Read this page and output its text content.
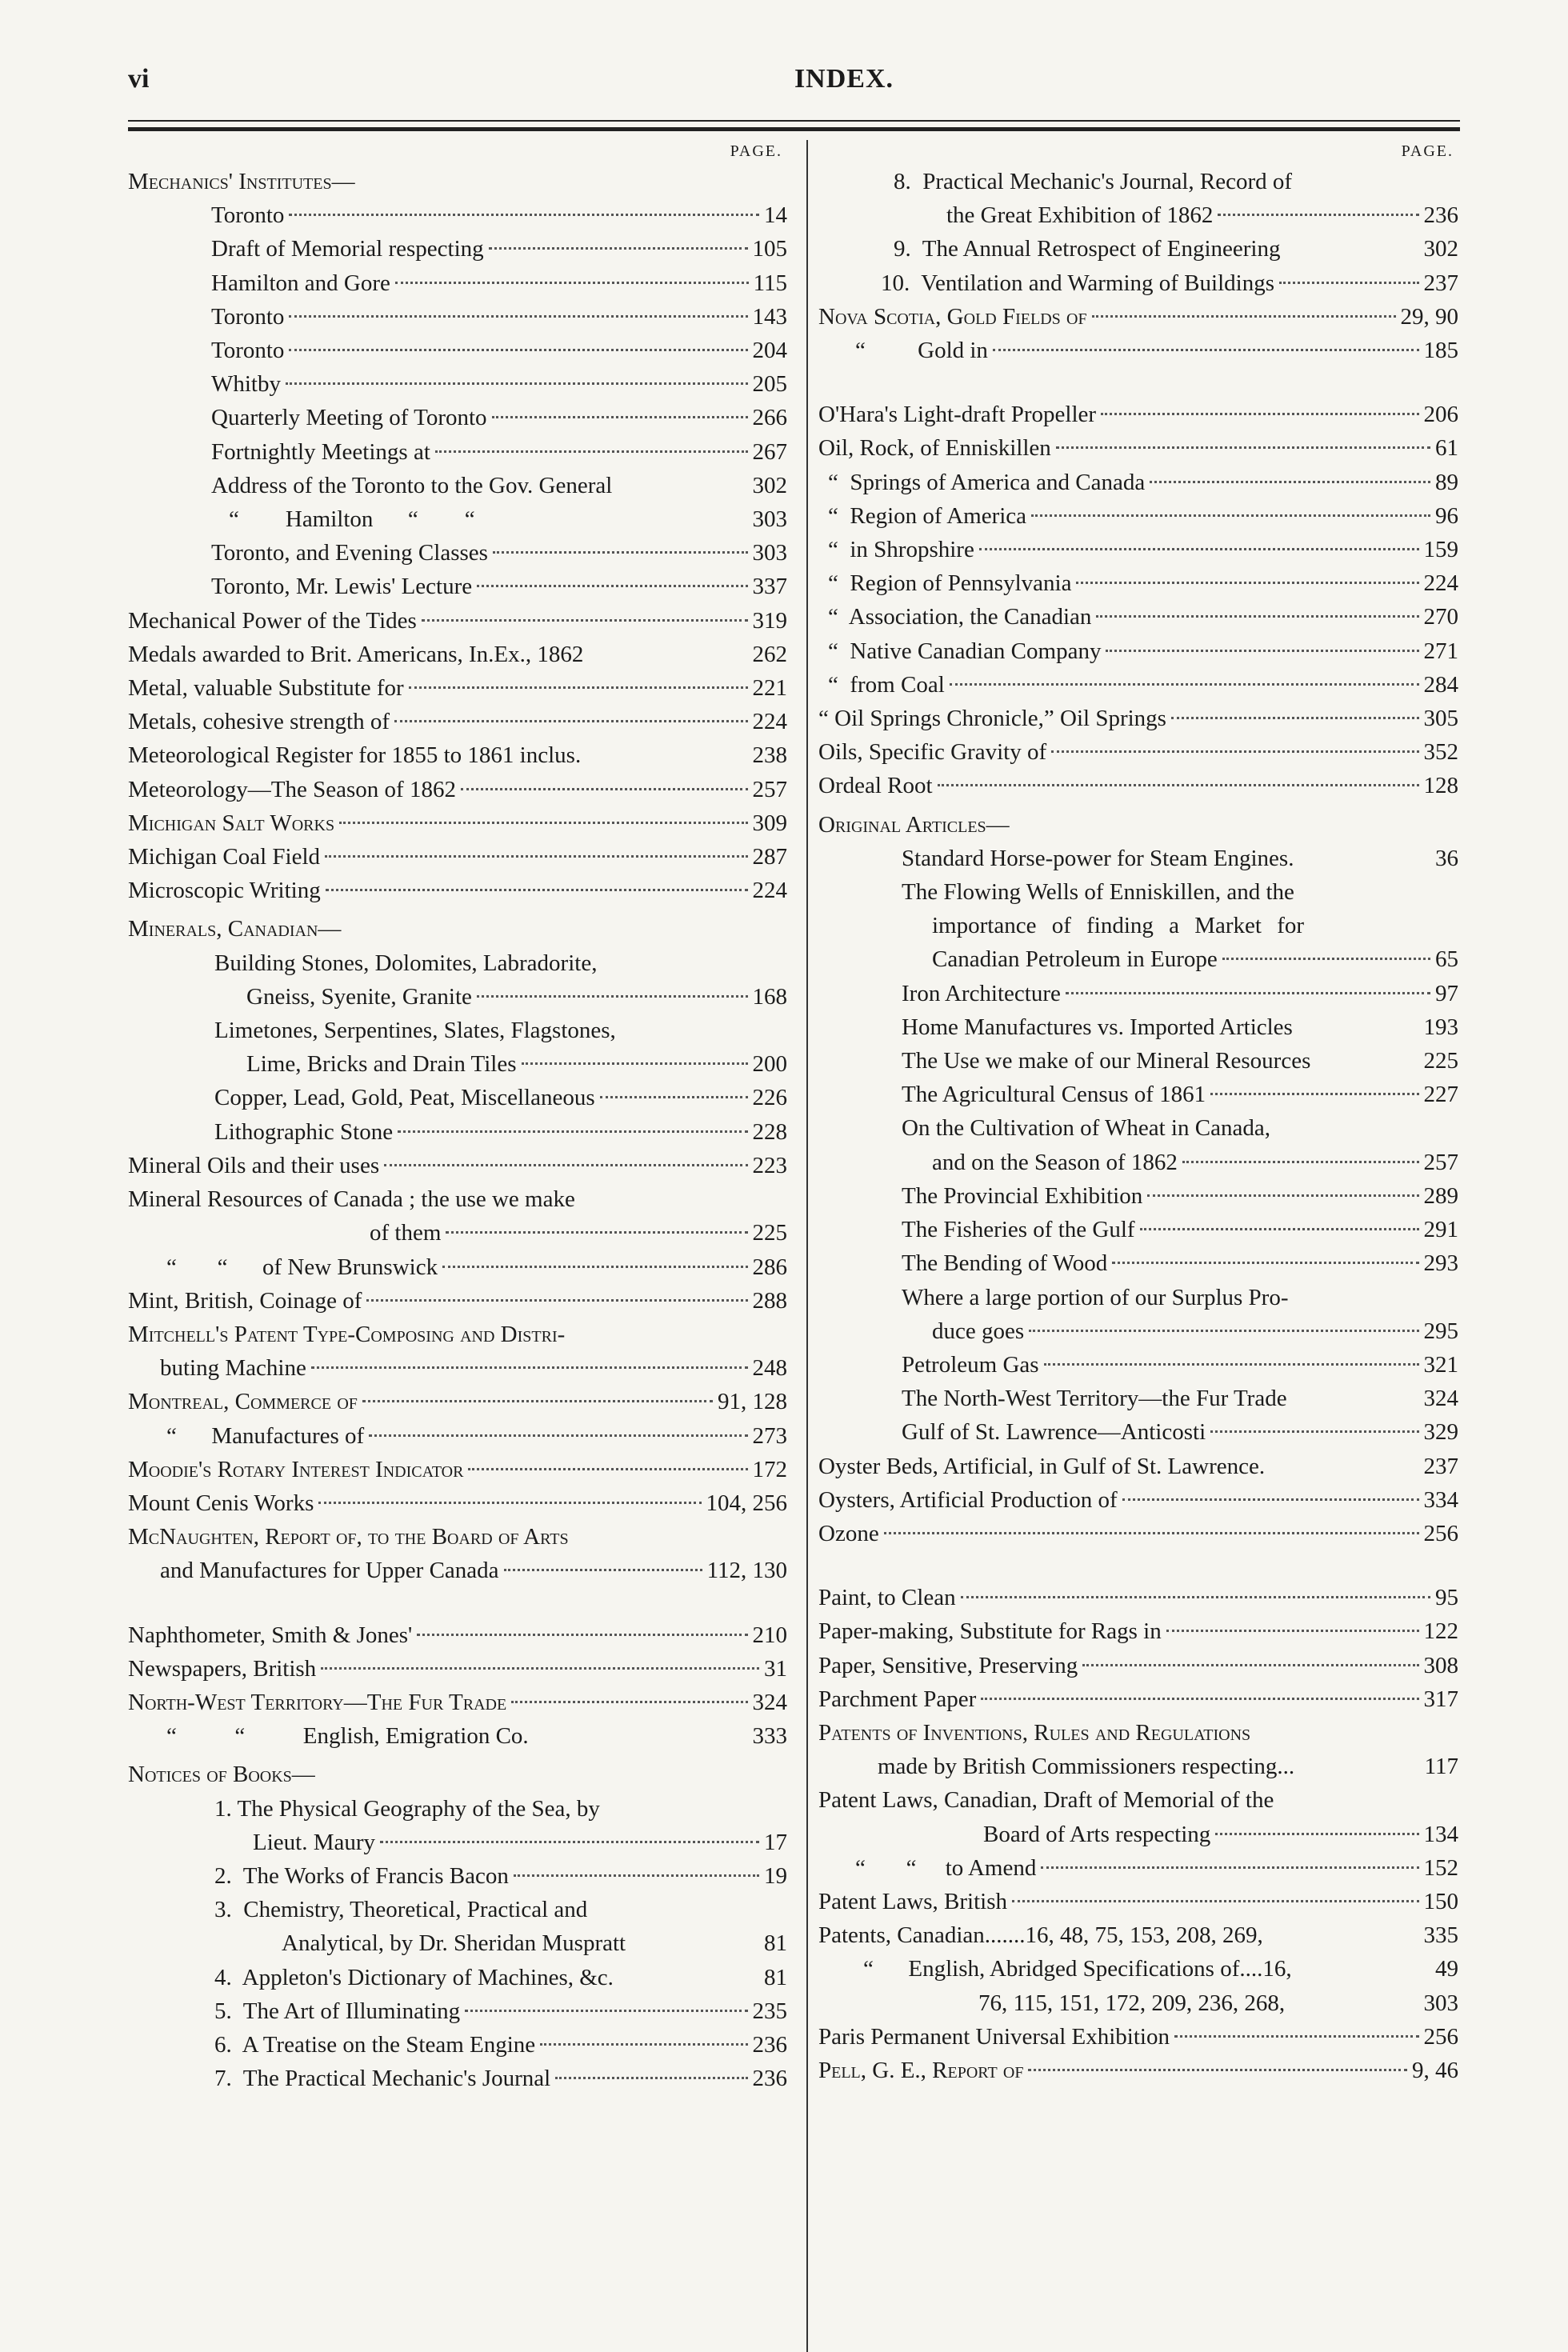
vi	INDEX.
PAGE.
Mechanics' Institutes—
Toronto	14
Draft of Memorial respecting	105
Hamilton and Gore	115
Toronto	143
Toronto	204
Whitby	205
Quarterly Meeting of Toronto	266
Fortnightly Meetings at	267
Address of the Toronto to the Gov. General	302
“        Hamilton      “        “	303
Toronto, and Evening Classes	303
Toronto, Mr. Lewis' Lecture	337
Mechanical Power of the Tides	319
Medals awarded to Brit. Americans, In.Ex., 1862	262
Metal, valuable Substitute for	221
Metals, cohesive strength of	224
Meteorological Register for 1855 to 1861 inclus.	238
Meteorology—The Season of 1862	257
Michigan Salt Works	309
Michigan Coal Field	287
Microscopic Writing	224
Minerals, Canadian—
Building Stones, Dolomites, Labradorite,
Gneiss, Syenite, Granite	168
Limetones, Serpentines, Slates, Flagstones,
Lime, Bricks and Drain Tiles	200
Copper, Lead, Gold, Peat, Miscellaneous	226
Lithographic Stone	228
Mineral Oils and their uses	223
Mineral Resources of Canada ; the use we make
of them	225
“       “      of New Brunswick	286
Mint, British, Coinage of	288
Mitchell's Patent Type-Composing and Distri-
buting Machine	248
Montreal, Commerce of	91, 128
“      Manufactures of	273
Moodie's Rotary Interest Indicator	172
Mount Cenis Works	104, 256
McNaughten, Report of, to the Board of Arts
and Manufactures for Upper Canada	112, 130
Naphthometer, Smith & Jones'	210
Newspapers, British	31
North-West Territory—The Fur Trade	324
“          “          English, Emigration Co.	333
Notices of Books—
1. The Physical Geography of the Sea, by
Lieut. Maury	17
2.  The Works of Francis Bacon	19
3.  Chemistry, Theoretical, Practical and
Analytical, by Dr. Sheridan Muspratt	81
4.  Appleton's Dictionary of Machines, &c.	81
5.  The Art of Illuminating	235
6.  A Treatise on the Steam Engine	236
7.  The Practical Mechanic's Journal	236
PAGE.
8.  Practical Mechanic's Journal, Record of
the Great Exhibition of 1862	236
9.  The Annual Retrospect of Engineering	302
10.  Ventilation and Warming of Buildings	237
Nova Scotia, Gold Fields of	29, 90
“         Gold in	185
O'Hara's Light-draft Propeller	206
Oil, Rock, of Enniskillen	61
“  Springs of America and Canada	89
“  Region of America	96
“  in Shropshire	159
“  Region of Pennsylvania	224
“  Association, the Canadian	270
“  Native Canadian Company	271
“  from Coal	284
“ Oil Springs Chronicle,” Oil Springs	305
Oils, Specific Gravity of	352
Ordeal Root	128
Original Articles—
Standard Horse-power for Steam Engines.	36
The Flowing Wells of Enniskillen, and the
importance of finding a Market for
Canadian Petroleum in Europe	65
Iron Architecture	97
Home Manufactures vs. Imported Articles	193
The Use we make of our Mineral Resources	225
The Agricultural Census of 1861	227
On the Cultivation of Wheat in Canada,
and on the Season of 1862	257
The Provincial Exhibition	289
The Fisheries of the Gulf	291
The Bending of Wood	293
Where a large portion of our Surplus Pro-
duce goes	295
Petroleum Gas	321
The North-West Territory—the Fur Trade	324
Gulf of St. Lawrence—Anticosti	329
Oyster Beds, Artificial, in Gulf of St. Lawrence.	237
Oysters, Artificial Production of	334
Ozone	256
Paint, to Clean	95
Paper-making, Substitute for Rags in	122
Paper, Sensitive, Preserving	308
Parchment Paper	317
Patents of Inventions, Rules and Regulations
made by British Commissioners respecting...	117
Patent Laws, Canadian, Draft of Memorial of the
Board of Arts respecting	134
“       “     to Amend	152
Patent Laws, British	150
Patents, Canadian.......16, 48, 75, 153, 208, 269,	335
“      English, Abridged Specifications of....16,	49
76, 115, 151, 172, 209, 236, 268,	303
Paris Permanent Universal Exhibition	256
Pell, G. E., Report of	9, 46
